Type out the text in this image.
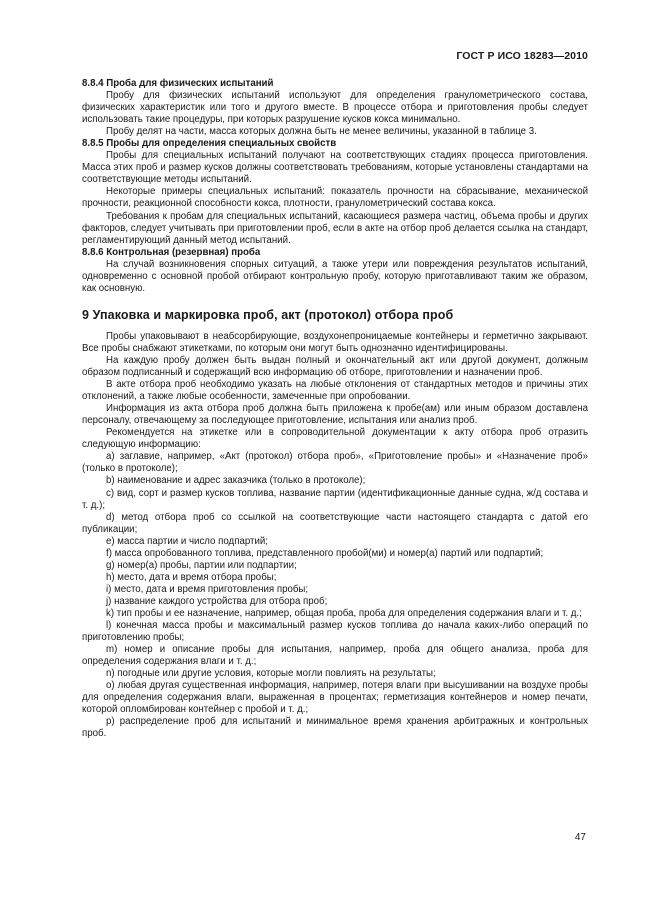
ГОСТ Р ИСО 18283—2010

8.8.4 Проба для физических испытаний

Пробу для физических испытаний используют для определения гранулометрического состава, физических характеристик или того и другого вместе. В процессе отбора и приготовления пробы следует использовать такие процедуры, при которых разрушение кусков кокса минимально.

Пробу делят на части, масса которых должна быть не менее величины, указанной в таблице 3.

8.8.5 Пробы для определения специальных свойств

Пробы для специальных испытаний получают на соответствующих стадиях процесса приготовления. Масса этих проб и размер кусков должны соответствовать требованиям, которые установлены стандартами на соответствующие методы испытаний.

Некоторые примеры специальных испытаний: показатель прочности на сбрасывание, механической прочности, реакционной способности кокса, плотности, гранулометрический состава кокса.

Требования к пробам для специальных испытаний, касающиеся размера частиц, объема пробы и других факторов, следует учитывать при приготовлении проб, если в акте на отбор проб делается ссылка на стандарт, регламентирующий данный метод испытаний.

8.8.6 Контрольная (резервная) проба

На случай возникновения спорных ситуаций, а также утери или повреждения результатов испытаний, одновременно с основной пробой отбирают контрольную пробу, которую приготавливают таким же образом, как основную.

9 Упаковка и маркировка проб, акт (протокол) отбора проб

Пробы упаковывают в неабсорбирующие, воздухонепроницаемые контейнеры и герметично закрывают. Все пробы снабжают этикетками, по которым они могут быть однозначно идентифицированы.

На каждую пробу должен быть выдан полный и окончательный акт или другой документ, должным образом подписанный и содержащий всю информацию об отборе, приготовлении и назначении проб.

В акте отбора проб необходимо указать на любые отклонения от стандартных методов и причины этих отклонений, а также любые особенности, замеченные при опробовании.

Информация из акта отбора проб должна быть приложена к пробе(ам) или иным образом доставлена персоналу, отвечающему за последующее приготовление, испытания или анализ проб.

Рекомендуется на этикетке или в сопроводительной документации к акту отбора проб отразить следующую информацию:

а) заглавие, например, «Акт (протокол) отбора проб», «Приготовление пробы» и «Назначение проб» (только в протоколе);

b) наименование и адрес заказчика (только в протоколе);

c) вид, сорт и размер кусков топлива, название партии (идентификационные данные судна, ж/д состава и т. д.);

d) метод отбора проб со ссылкой на соответствующие части настоящего стандарта с датой его публикации;

e) масса партии и число подпартий;

f) масса опробованного топлива, представленного пробой(ми) и номер(а) партий или подпартий;

g) номер(а) пробы, партии или подпартии;

h) место, дата и время отбора пробы;

i) место, дата и время приготовления пробы;

j) название каждого устройства для отбора проб;

k) тип пробы и ее назначение, например, общая проба, проба для определения содержания влаги и т. д.;

l) конечная масса пробы и максимальный размер кусков топлива до начала каких-либо операций по приготовлению пробы;

m) номер и описание пробы для испытания, например, проба для общего анализа, проба для определения содержания влаги и т. д.;

n) погодные или другие условия, которые могли повлиять на результаты;

o) любая другая существенная информация, например, потеря влаги при высушивании на воздухе пробы для определения содержания влаги, выраженная в процентах; герметизация контейнеров и номер печати, которой опломбирован контейнер с пробой и т. д.;

p) распределение проб для испытаний и минимальное время хранения арбитражных и контрольных проб.

47
